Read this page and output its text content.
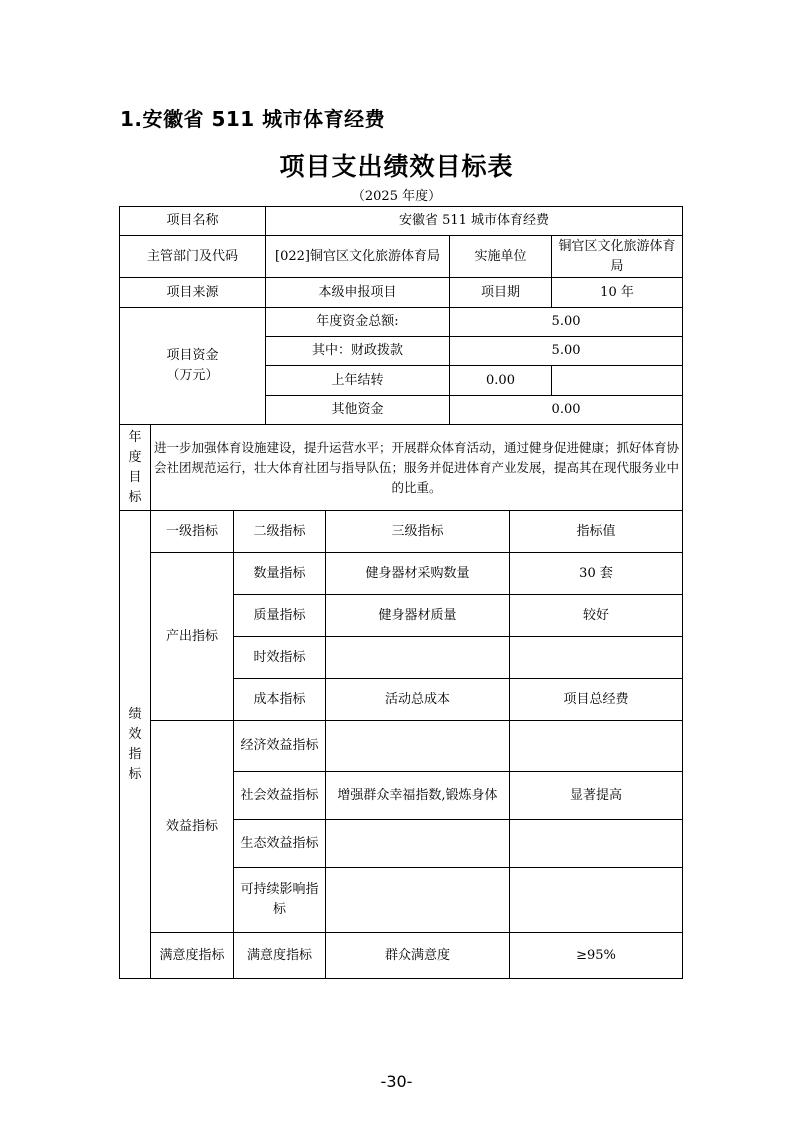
1.安徽省 511 城市体育经费
项目支出绩效目标表
（2025 年度）
项目名称			安徽省 511 城市体育经费				
主管部门及代码			[022]铜官区文化旅游体育局		实施单位		铜官区文化旅游体育局
项目来源			本级申报项目		项目期		10 年

项目资金
（万元）			年度资金总额:		5.00		
			其中：财政拨款		5.00		
			上年结转		0.00		
			其他资金		0.00		
年度目标	进一步加强体育设施建设，提升运营水平；开展群众体育活动，通过健身促进健康；抓好体育协会社团规范运行，壮大体育社团与指导队伍；服务并促进体育产业发展，提高其在现代服务业中的比重。						
绩效指标	一级指标	二级指标		三级指标		指标值	
	产出指标	数量指标		健身器材采购数量		30 套	
		质量指标		健身器材质量		较好	
		时效指标					
		成本指标		活动总成本		项目总经费	
	效益指标	经济效益指标					
		社会效益指标		增强群众幸福指数,锻炼身体		显著提高	
		生态效益指标					
		可持续影响指标					
	满意度指标	满意度指标		群众满意度		≥95%	
-30-
